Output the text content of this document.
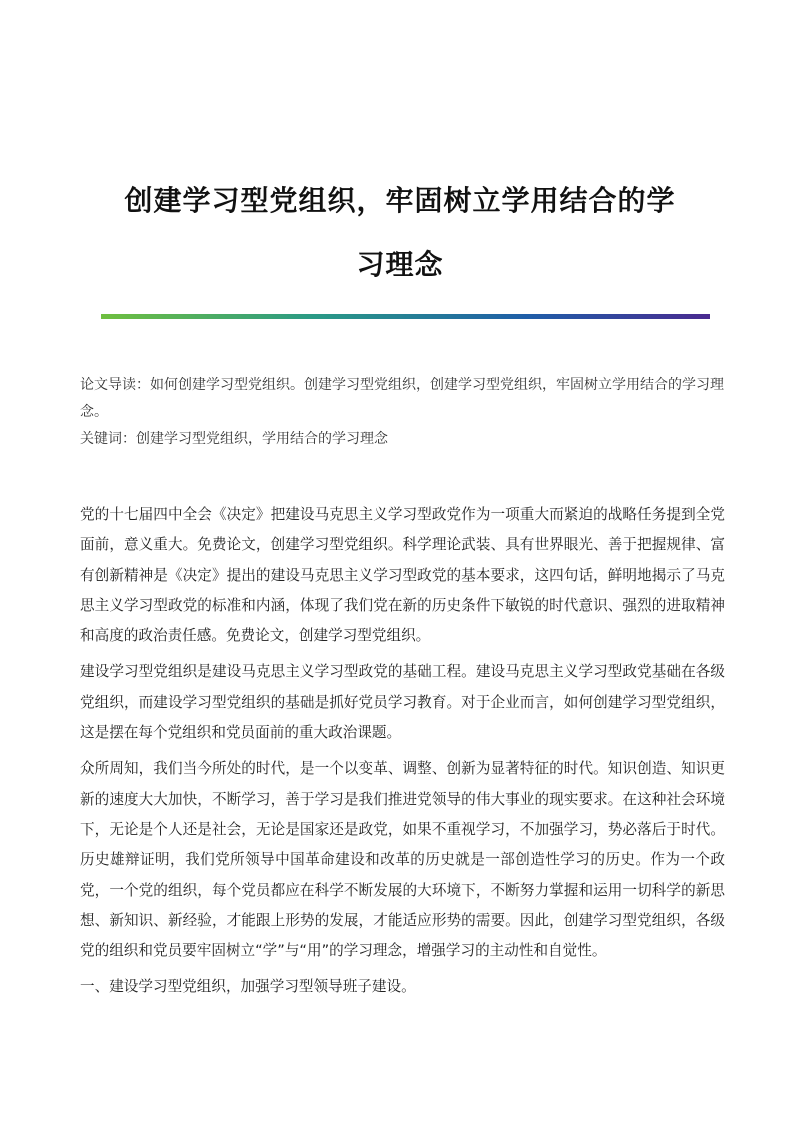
创建学习型党组织，牢固树立学用结合的学
习理念

论文导读：如何创建学习型党组织。创建学习型党组织，创建学习型党组织，牢固树立学用结合的学习理念。

关键词：创建学习型党组织，学用结合的学习理念

党的十七届四中全会《决定》把建设马克思主义学习型政党作为一项重大而紧迫的战略任务提到全党面前，意义重大。免费论文，创建学习型党组织。科学理论武装、具有世界眼光、善于把握规律、富有创新精神是《决定》提出的建设马克思主义学习型政党的基本要求，这四句话，鲜明地揭示了马克思主义学习型政党的标准和内涵，体现了我们党在新的历史条件下敏锐的时代意识、强烈的进取精神和高度的政治责任感。免费论文，创建学习型党组织。

建设学习型党组织是建设马克思主义学习型政党的基础工程。建设马克思主义学习型政党基础在各级党组织，而建设学习型党组织的基础是抓好党员学习教育。对于企业而言，如何创建学习型党组织，这是摆在每个党组织和党员面前的重大政治课题。

众所周知，我们当今所处的时代，是一个以变革、调整、创新为显著特征的时代。知识创造、知识更新的速度大大加快，不断学习，善于学习是我们推进党领导的伟大事业的现实要求。在这种社会环境下，无论是个人还是社会，无论是国家还是政党，如果不重视学习，不加强学习，势必落后于时代。历史雄辩证明，我们党所领导中国革命建设和改革的历史就是一部创造性学习的历史。作为一个政党，一个党的组织，每个党员都应在科学不断发展的大环境下，不断努力掌握和运用一切科学的新思想、新知识、新经验，才能跟上形势的发展，才能适应形势的需要。因此，创建学习型党组织，各级党的组织和党员要牢固树立“学”与“用”的学习理念，增强学习的主动性和自觉性。

一、建设学习型党组织，加强学习型领导班子建设。
